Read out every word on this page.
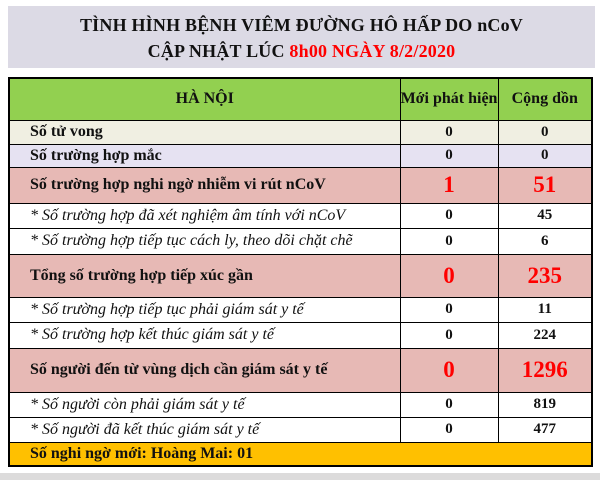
TÌNH HÌNH BỆNH VIÊM ĐƯỜNG HÔ HẤP DO nCoV
CẬP NHẬT LÚC 8h00 NGÀY 8/2/2020
HÀ NỘI	Mới phát hiện	Cộng dồn
Số tử vong	0	0
Số trường hợp mắc	0	0
Số trường hợp nghi ngờ nhiễm vi rút nCoV	1	51
* Số trường hợp đã xét nghiệm âm tính với nCoV	0	45
* Số trường hợp tiếp tục cách ly, theo dõi chặt chẽ	0	6
Tổng số trường hợp tiếp xúc gần	0	235
* Số trường hợp tiếp tục phải giám sát y tế	0	11
* Số trường hợp kết thúc giám sát y tế	0	224
Số người đến từ vùng dịch cần giám sát y tế	0	1296
* Số người còn phải giám sát y tế	0	819
* Số người đã kết thúc giám sát y tế	0	477
Số nghi ngờ mới: Hoàng Mai: 01		
